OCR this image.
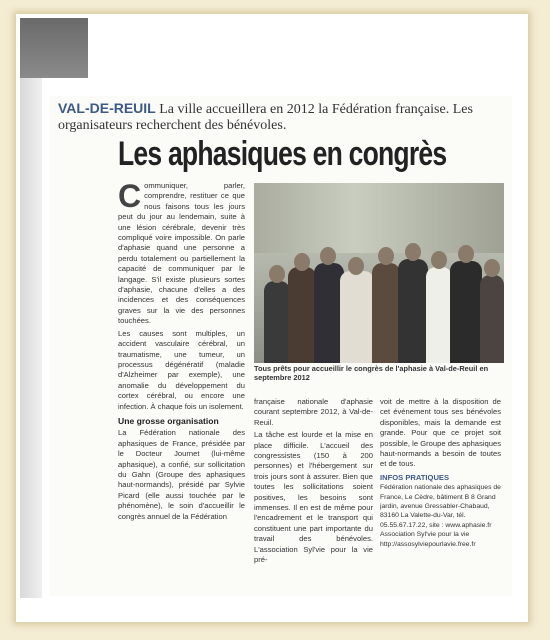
VAL-DE-REUIL La ville accueillera en 2012 la Fédération française. Les organisateurs recherchent des bénévoles.
Les aphasiques en congrès

Communiquer, parler, comprendre, restituer ce que nous faisons tous les jours peut du jour au lendemain, suite à une lésion cérébrale, devenir très compliqué voire impossible. On parle d'aphasie quand une personne a perdu totalement ou partiellement la capacité de communiquer par le langage. S'il existe plusieurs sortes d'aphasie, chacune d'elles a des incidences et des conséquences graves sur la vie des personnes touchées.

Les causes sont multiples, un accident vasculaire cérébral, un traumatisme, une tumeur, un processus dégénératif (maladie d'Alzheimer par exemple), une anomalie du développement du cortex cérébral, ou encore une infection. À chaque fois un isolement.

Une grosse organisation

La Fédération nationale des aphasiques de France, présidée par le Docteur Journet (lui-même aphasique), a confié, sur sollicitation du Gahn (Groupe des aphasiques haut-normands), présidé par Sylvie Picard (elle aussi touchée par le phénomène), le soin d'accueillir le congrès annuel de la Fédération

Tous prêts pour accueillir le congrès de l'aphasie à Val-de-Reuil en septembre 2012

française nationale d'aphasie courant septembre 2012, à Val-de-Reuil.

La tâche est lourde et la mise en place difficile. L'accueil des congressistes (150 à 200 personnes) et l'hébergement sur trois jours sont à assurer. Bien que toutes les sollicitations soient positives, les besoins sont immenses. Il en est de même pour l'encadrement et le transport qui constituent une part importante du travail des bénévoles. L'association Syl'vie pour la vie pré-

voit de mettre à la disposition de cet événement tous ses bénévoles disponibles, mais la demande est grande. Pour que ce projet soit possible, le Groupe des aphasiques haut-normands a besoin de toutes et de tous.

INFOS PRATIQUES
Fédération nationale des aphasiques de France, Le Cèdre, bâtiment B 8 Grand jardin, avenue Gressabler-Chabaud, 83160 La Valette-du-Var, tél. 05.55.67.17.22, site : www.aphasie.fr
Association Syl'vie pour la vie
http://assosylviepourlavie.free.fr
